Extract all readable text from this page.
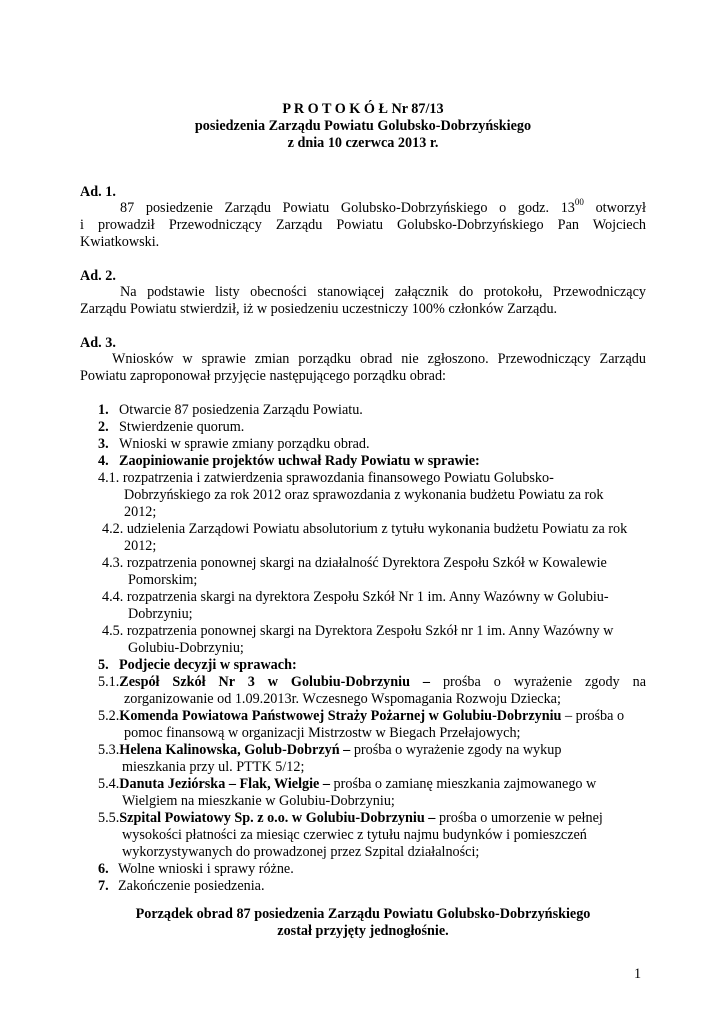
P R O T O K Ó Ł Nr 87/13
posiedzenia Zarządu Powiatu Golubsko-Dobrzyńskiego
z dnia 10 czerwca 2013 r.
Ad. 1.
87 posiedzenie Zarządu Powiatu Golubsko-Dobrzyńskiego o godz. $13^{00}$ otworzył
i prowadził Przewodniczący Zarządu Powiatu Golubsko-Dobrzyńskiego Pan Wojciech
Kwiatkowski.
Ad. 2.
Na podstawie listy obecności stanowiącej załącznik do protokołu, Przewodniczący
Zarządu Powiatu stwierdził, iż w posiedzeniu uczestniczy 100% członków Zarządu.
Ad. 3.
Wniosków w sprawie zmian porządku obrad nie zgłoszono. Przewodniczący Zarządu
Powiatu zaproponował przyjęcie następującego porządku obrad:
1. Otwarcie 87 posiedzenia Zarządu Powiatu.
2. Stwierdzenie quorum.
3. Wnioski w sprawie zmiany porządku obrad.
4. Zaopiniowanie projektów uchwał Rady Powiatu w sprawie:
4.1. rozpatrzenia i zatwierdzenia sprawozdania finansowego Powiatu Golubsko-
Dobrzyńskiego za rok 2012 oraz sprawozdania z wykonania budżetu Powiatu za rok
2012;
4.2. udzielenia Zarządowi Powiatu absolutorium z tytułu wykonania budżetu Powiatu za rok
2012;
4.3. rozpatrzenia ponownej skargi na działalność Dyrektora Zespołu Szkół w Kowalewie
Pomorskim;
4.4. rozpatrzenia skargi na dyrektora Zespołu Szkół Nr 1 im. Anny Wazówny w Golubiu-
Dobrzyniu;
4.5. rozpatrzenia ponownej skargi na Dyrektora Zespołu Szkół nr 1 im. Anny Wazówny w
Golubiu-Dobrzyniu;
5. Podjecie decyzji w sprawach:
5.1.Zespół Szkół Nr 3 w Golubiu-Dobrzyniu – prośba o wyrażenie zgody na
zorganizowanie od 1.09.2013r. Wczesnego Wspomagania Rozwoju Dziecka;
5.2.Komenda Powiatowa Państwowej Straży Pożarnej w Golubiu-Dobrzyniu – prośba o
pomoc finansową w organizacji Mistrzostw w Biegach Przełajowych;
5.3.Helena Kalinowska, Golub-Dobrzyń – prośba o wyrażenie zgody na wykup
mieszkania przy ul. PTTK 5/12;
5.4.Danuta Jeziórska – Flak, Wielgie – prośba o zamianę mieszkania zajmowanego w
Wielgiem na mieszkanie w Golubiu-Dobrzyniu;
5.5.Szpital Powiatowy Sp. z o.o. w Golubiu-Dobrzyniu – prośba o umorzenie w pełnej
wysokości płatności za miesiąc czerwiec z tytułu najmu budynków i pomieszczeń
wykorzystywanych do prowadzonej przez Szpital działalności;
6. Wolne wnioski i sprawy różne.
7. Zakończenie posiedzenia.
Porządek obrad 87 posiedzenia Zarządu Powiatu Golubsko-Dobrzyńskiego
został przyjęty jednogłośnie.
1
